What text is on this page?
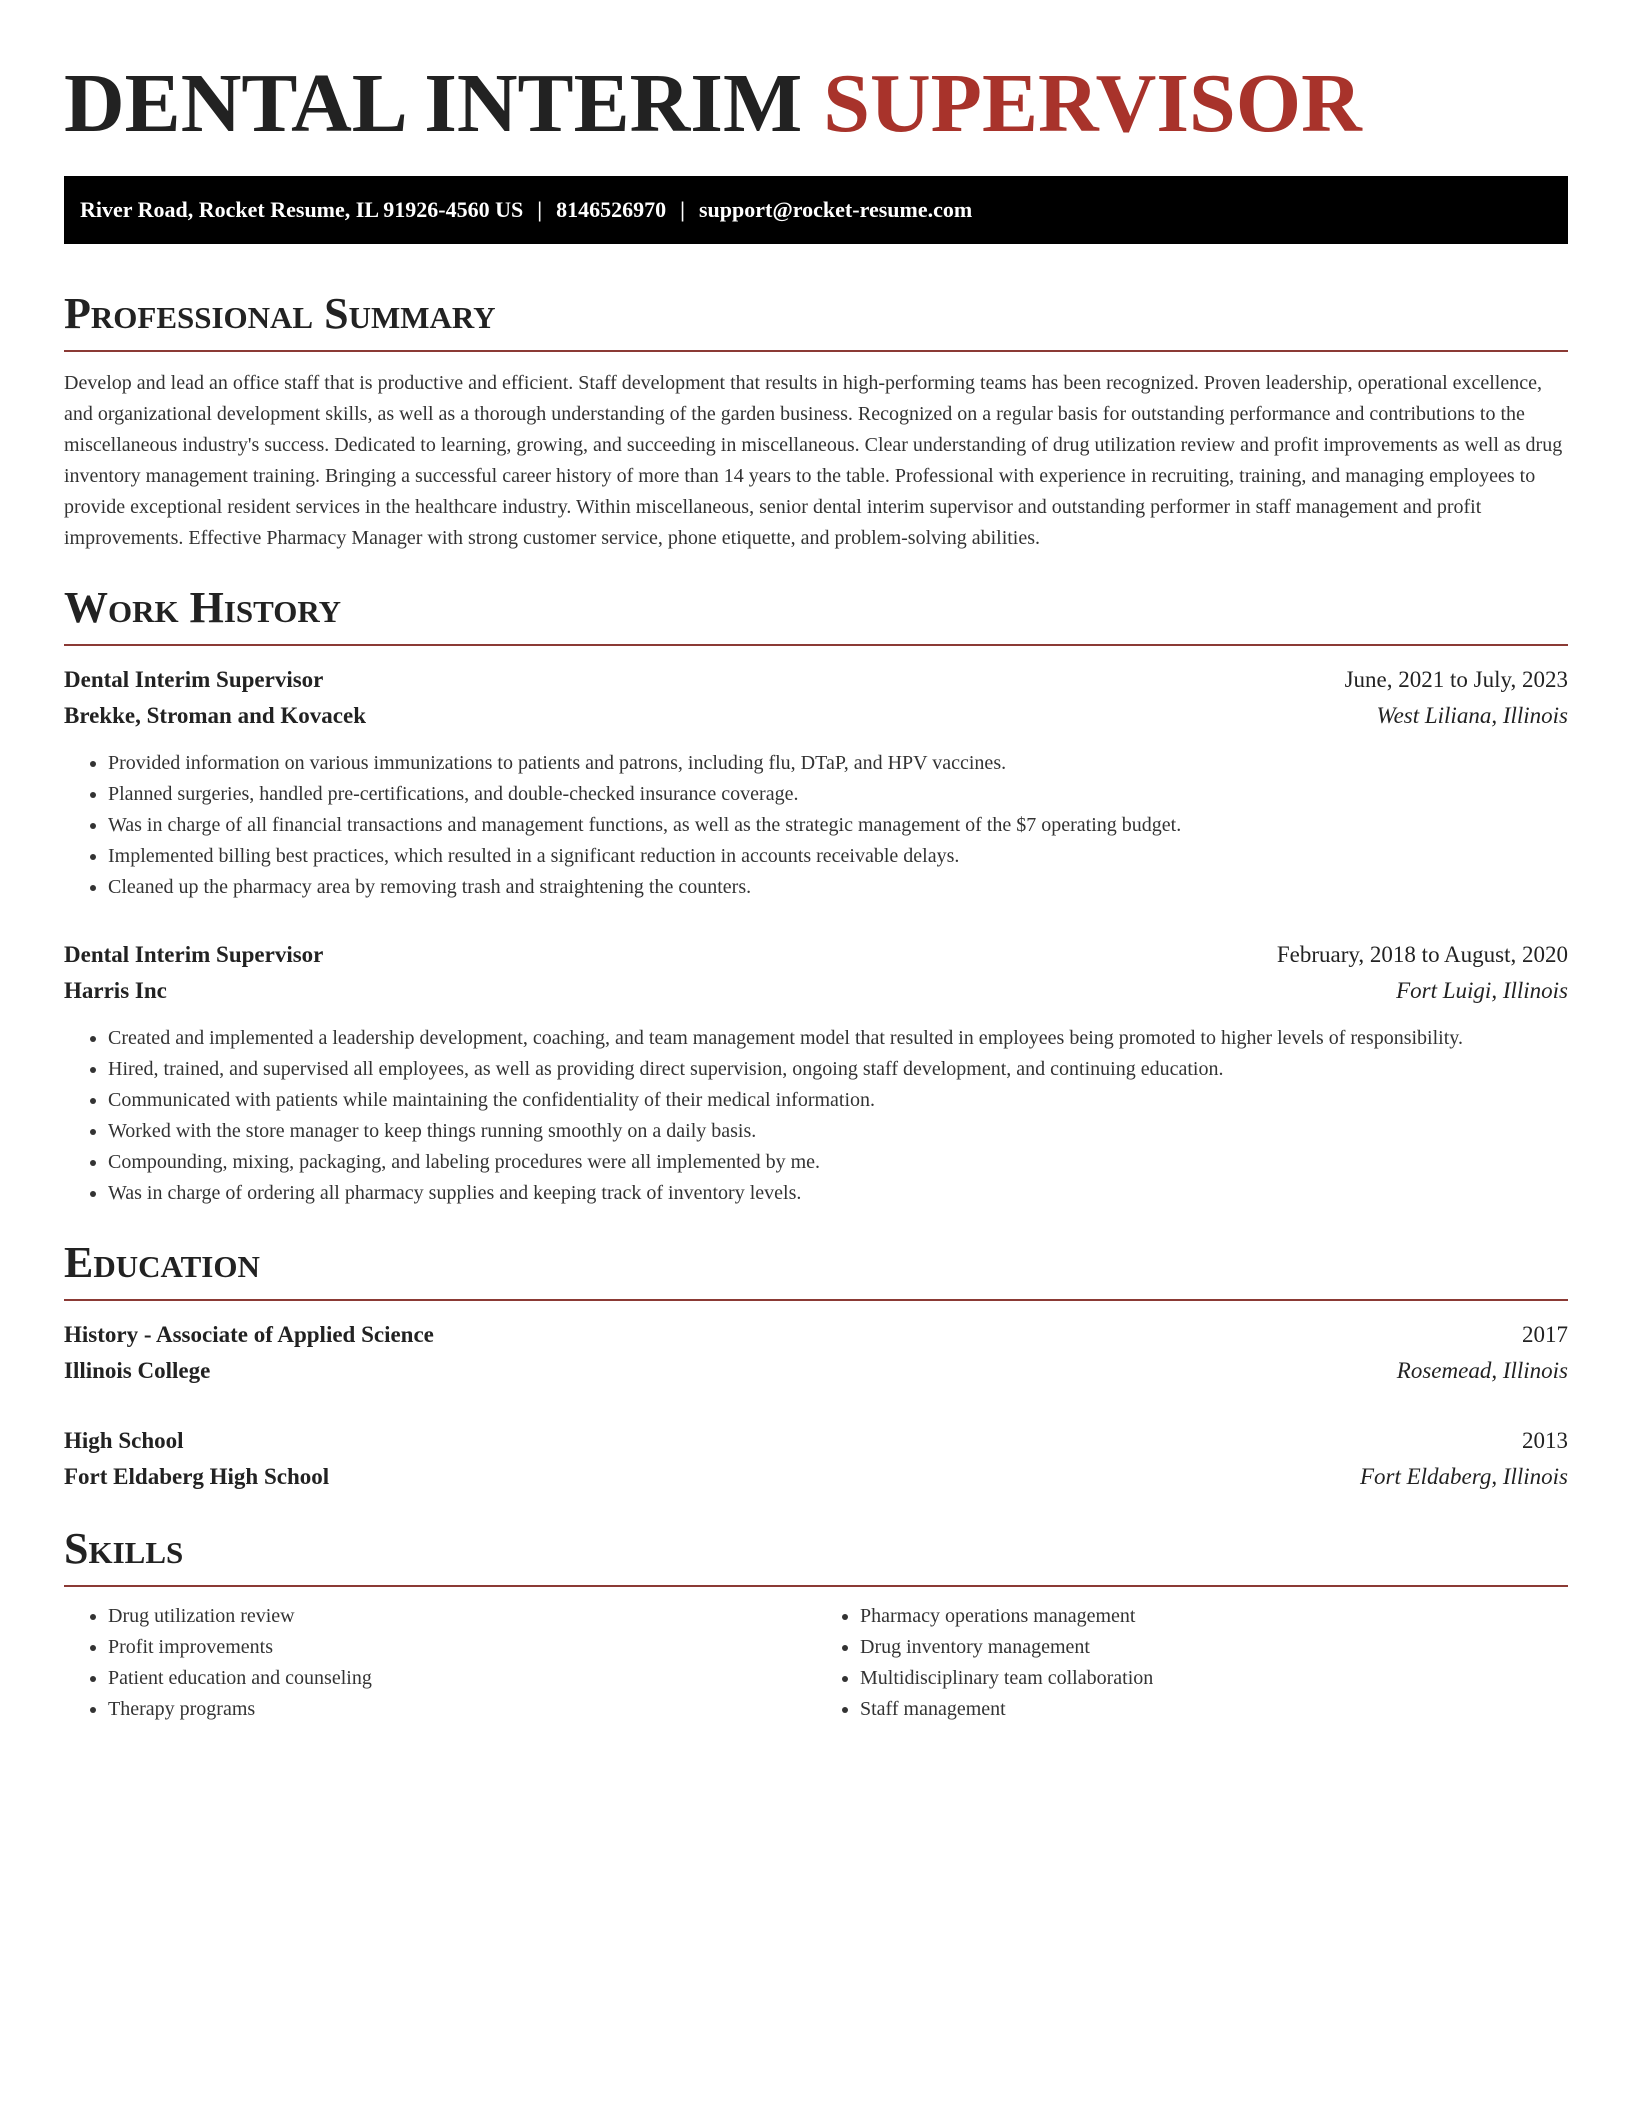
DENTAL INTERIM SUPERVISOR
River Road, Rocket Resume, IL 91926-4560 US | 8146526970 | support@rocket-resume.com
Professional Summary

Develop and lead an office staff that is productive and efficient. Staff development that results in high-performing teams has been recognized. Proven leadership, operational excellence, and organizational development skills, as well as a thorough understanding of the garden business. Recognized on a regular basis for outstanding performance and contributions to the miscellaneous industry's success. Dedicated to learning, growing, and succeeding in miscellaneous. Clear understanding of drug utilization review and profit improvements as well as drug inventory management training. Bringing a successful career history of more than 14 years to the table. Professional with experience in recruiting, training, and managing employees to provide exceptional resident services in the healthcare industry. Within miscellaneous, senior dental interim supervisor and outstanding performer in staff management and profit improvements. Effective Pharmacy Manager with strong customer service, phone etiquette, and problem-solving abilities.

Work History
Dental Interim Supervisor	June, 2021 to July, 2023
Brekke, Stroman and Kovacek	West Liliana, Illinois
• Provided information on various immunizations to patients and patrons, including flu, DTaP, and HPV vaccines.
• Planned surgeries, handled pre-certifications, and double-checked insurance coverage.
• Was in charge of all financial transactions and management functions, as well as the strategic management of the $7 operating budget.
• Implemented billing best practices, which resulted in a significant reduction in accounts receivable delays.
• Cleaned up the pharmacy area by removing trash and straightening the counters.
Dental Interim Supervisor	February, 2018 to August, 2020
Harris Inc	Fort Luigi, Illinois
• Created and implemented a leadership development, coaching, and team management model that resulted in employees being promoted to higher levels of responsibility.
• Hired, trained, and supervised all employees, as well as providing direct supervision, ongoing staff development, and continuing education.
• Communicated with patients while maintaining the confidentiality of their medical information.
• Worked with the store manager to keep things running smoothly on a daily basis.
• Compounding, mixing, packaging, and labeling procedures were all implemented by me.
• Was in charge of ordering all pharmacy supplies and keeping track of inventory levels.
Education
History - Associate of Applied Science	2017
Illinois College	Rosemead, Illinois
High School	2013
Fort Eldaberg High School	Fort Eldaberg, Illinois
Skills
• Drug utilization review
• Profit improvements
• Patient education and counseling
• Therapy programs
• Pharmacy operations management
• Drug inventory management
• Multidisciplinary team collaboration
• Staff management
